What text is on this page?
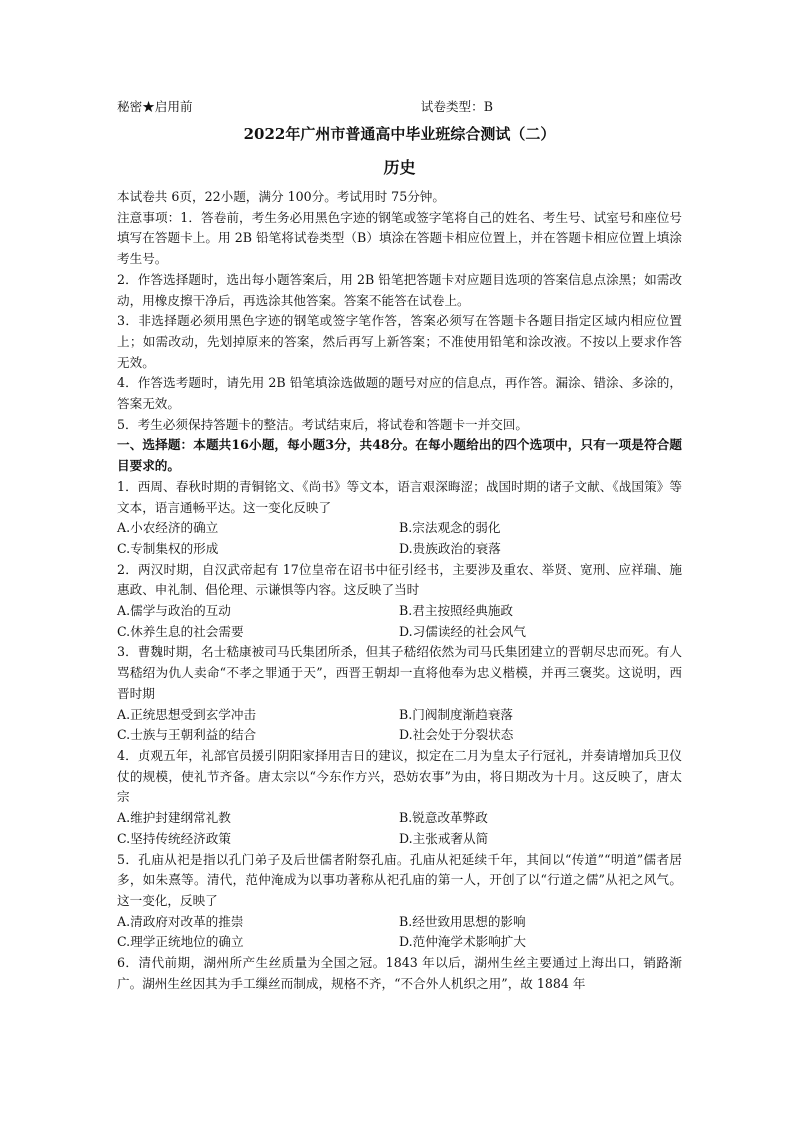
秘密★启用前	试卷类型：B
2022年广州市普通高中毕业班综合测试（二）
历史

本试卷共 6页，22小题，满分 100分。考试用时 75分钟。

注意事项：1．答卷前，考生务必用黑色字迹的钢笔或签字笔将自己的姓名、考生号、试室号和座位号填写在答题卡上。用 2B 铅笔将试卷类型（B）填涂在答题卡相应位置上，并在答题卡相应位置上填涂考生号。

2．作答选择题时，选出每小题答案后，用 2B 铅笔把答题卡对应题目选项的答案信息点涂黑；如需改动，用橡皮擦干净后，再选涂其他答案。答案不能答在试卷上。

3．非选择题必须用黑色字迹的钢笔或签字笔作答，答案必须写在答题卡各题目指定区域内相应位置上；如需改动，先划掉原来的答案，然后再写上新答案；不准使用铅笔和涂改液。不按以上要求作答无效。

4．作答选考题时，请先用 2B 铅笔填涂选做题的题号对应的信息点，再作答。漏涂、错涂、多涂的，答案无效。

5．考生必须保持答题卡的整洁。考试结束后，将试卷和答题卡一并交回。

一、选择题：本题共16小题，每小题3分，共48分。在每小题给出的四个选项中，只有一项是符合题目要求的。

1．西周、春秋时期的青铜铭文、《尚书》等文本，语言艰深晦涩；战国时期的诸子文献、《战国策》等文本，语言通畅平达。这一变化反映了

A.小农经济的确立	B.宗法观念的弱化
C.专制集权的形成	D.贵族政治的衰落

2．两汉时期，自汉武帝起有 17位皇帝在诏书中征引经书，主要涉及重农、举贤、宽刑、应祥瑞、施惠政、申礼制、倡伦理、示谦惧等内容。这反映了当时

A.儒学与政治的互动	B.君主按照经典施政
C.休养生息的社会需要	D.习儒读经的社会风气

3．曹魏时期，名士嵇康被司马氏集团所杀，但其子嵇绍依然为司马氏集团建立的晋朝尽忠而死。有人骂嵇绍为仇人卖命“不孝之罪通于天”，西晋王朝却一直将他奉为忠义楷模，并再三褒奖。这说明，西晋时期

A.正统思想受到玄学冲击	B.门阀制度渐趋衰落
C.士族与王朝利益的结合	D.社会处于分裂状态

4．贞观五年，礼部官员援引阴阳家择用吉日的建议，拟定在二月为皇太子行冠礼，并奏请增加兵卫仪仗的规模，使礼节齐备。唐太宗以“今东作方兴，恐妨农事”为由，将日期改为十月。这反映了，唐太宗

A.维护封建纲常礼教	B.锐意改革弊政
C.坚持传统经济政策	D.主张戒奢从简

5．孔庙从祀是指以孔门弟子及后世儒者附祭孔庙。孔庙从祀延续千年，其间以“传道”“明道”儒者居多，如朱熹等。清代，范仲淹成为以事功著称从祀孔庙的第一人，开创了以“行道之儒”从祀之风气。这一变化，反映了

A.清政府对改革的推崇	B.经世致用思想的影响
C.理学正统地位的确立	D.范仲淹学术影响扩大

6．清代前期，湖州所产生丝质量为全国之冠。1843 年以后，湖州生丝主要通过上海出口，销路渐广。湖州生丝因其为手工缫丝而制成，规格不齐，“不合外人机织之用”，故 1884 年
